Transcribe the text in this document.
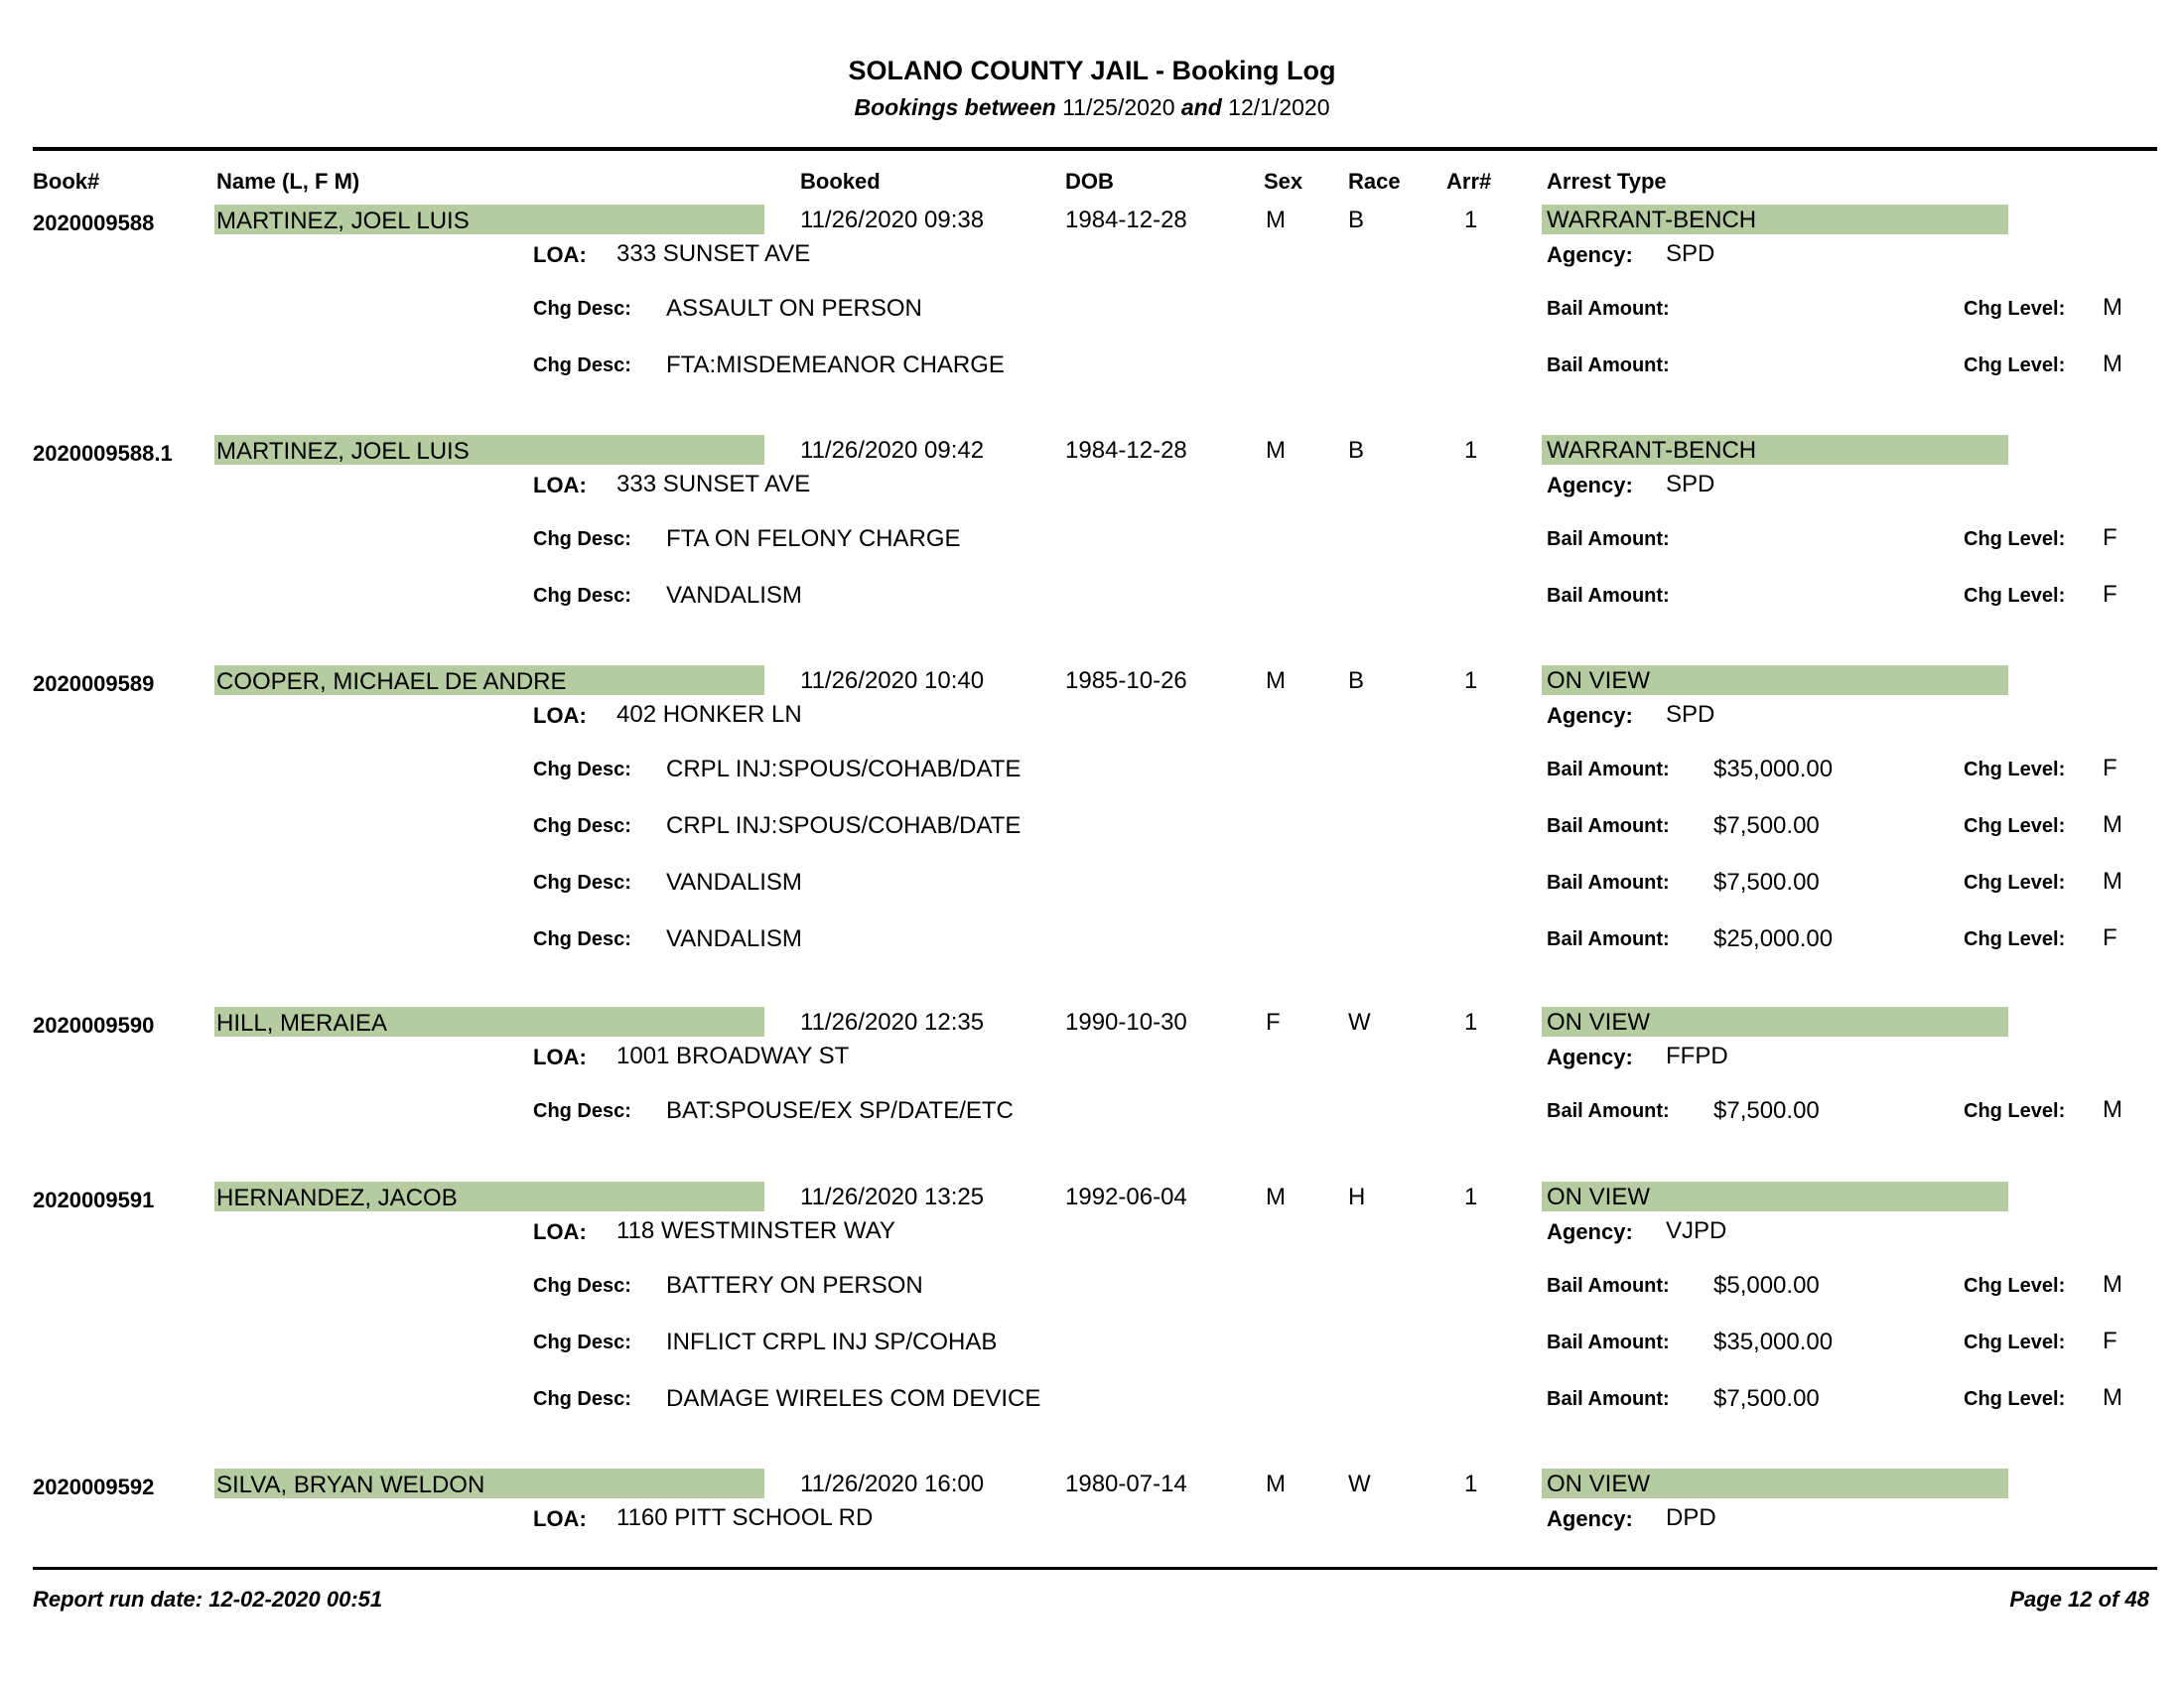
SOLANO COUNTY JAIL - Booking Log
Bookings between 11/25/2020 and 12/1/2020
Book#	Name (L, F M)	Booked	DOB	Sex Race Arr#	Arrest Type
2020009588	MARTINEZ, JOEL LUIS	11/26/2020 09:38	1984-12-28	M	B	1	WARRANT-BENCH
LOA: 333 SUNSET AVE	Agency: SPD
Chg Desc: ASSAULT ON PERSON	Bail Amount:	Chg Level: M
Chg Desc: FTA:MISDEMEANOR CHARGE	Bail Amount:	Chg Level: M
2020009588.1 MARTINEZ, JOEL LUIS	11/26/2020 09:42	1984-12-28	M	B	1	WARRANT-BENCH
LOA: 333 SUNSET AVE	Agency: SPD
Chg Desc: FTA ON FELONY CHARGE	Bail Amount:	Chg Level: F
Chg Desc: VANDALISM	Bail Amount:	Chg Level: F
2020009589	COOPER, MICHAEL DE ANDRE	11/26/2020 10:40	1985-10-26	M	B	1	ON VIEW
LOA: 402 HONKER LN	Agency: SPD
Chg Desc: CRPL INJ:SPOUS/COHAB/DATE	Bail Amount: $35,000.00	Chg Level: F
Chg Desc: CRPL INJ:SPOUS/COHAB/DATE	Bail Amount: $7,500.00	Chg Level: M
Chg Desc: VANDALISM	Bail Amount: $7,500.00	Chg Level: M
Chg Desc: VANDALISM	Bail Amount: $25,000.00	Chg Level: F
2020009590	HILL, MERAIEA	11/26/2020 12:35	1990-10-30	F	W	1	ON VIEW
LOA: 1001 BROADWAY ST	Agency: FFPD
Chg Desc: BAT:SPOUSE/EX SP/DATE/ETC	Bail Amount: $7,500.00	Chg Level: M
2020009591	HERNANDEZ, JACOB	11/26/2020 13:25	1992-06-04	M	H	1	ON VIEW
LOA: 118 WESTMINSTER WAY	Agency: VJPD
Chg Desc: BATTERY ON PERSON	Bail Amount: $5,000.00	Chg Level: M
Chg Desc: INFLICT CRPL INJ SP/COHAB	Bail Amount: $35,000.00	Chg Level: F
Chg Desc: DAMAGE WIRELES COM DEVICE	Bail Amount: $7,500.00	Chg Level: M
2020009592	SILVA, BRYAN WELDON	11/26/2020 16:00	1980-07-14	M	W	1	ON VIEW
LOA: 1160 PITT SCHOOL RD	Agency: DPD
Report run date: 12-02-2020 00:51	Page 12 of 48
